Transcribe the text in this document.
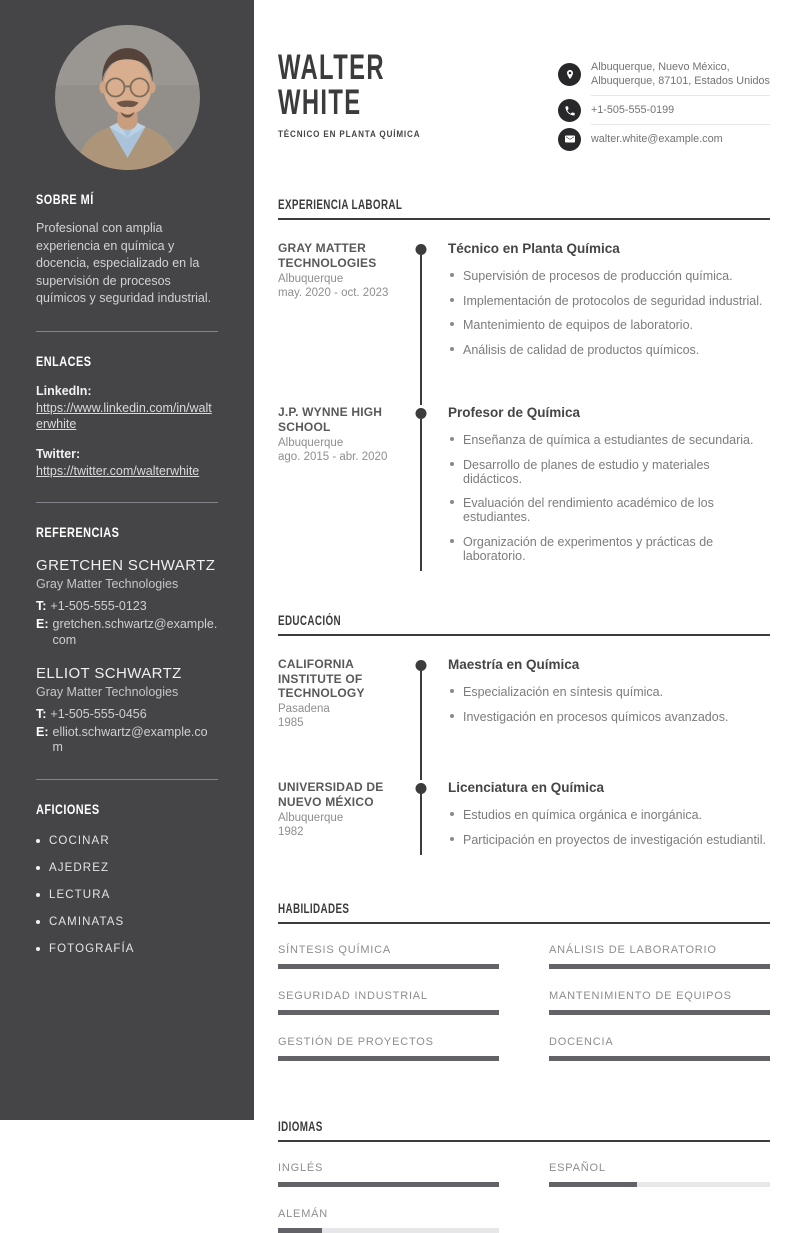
SOBRE MÍ

Profesional con amplia experiencia en química y docencia, especializado en la supervisión de procesos químicos y seguridad industrial.

ENLACES
LinkedIn:
https://www.linkedin.com/in/walterwhite
Twitter:
https://twitter.com/walterwhite
REFERENCIAS
GRETCHEN SCHWARTZ
Gray Matter Technologies
T: +1-505-555-0123
E: gretchen.schwartz@example.com
ELLIOT SCHWARTZ
Gray Matter Technologies
T: +1-505-555-0456
E: elliot.schwartz@example.com
AFICIONES
COCINAR
AJEDREZ
LECTURA
CAMINATAS
FOTOGRAFÍA
WALTER
WHITE
TÉCNICO EN PLANTA QUÍMICA
Albuquerque, Nuevo México,
Albuquerque, 87101, Estados Unidos
+1-505-555-0199
walter.white@example.com
EXPERIENCIA LABORAL
GRAY MATTER TECHNOLOGIES
Albuquerque
may. 2020 - oct. 2023
Técnico en Planta Química
Supervisión de procesos de producción química.
Implementación de protocolos de seguridad industrial.
Mantenimiento de equipos de laboratorio.
Análisis de calidad de productos químicos.
J.P. WYNNE HIGH SCHOOL
Albuquerque
ago. 2015 - abr. 2020
Profesor de Química
Enseñanza de química a estudiantes de secundaria.
Desarrollo de planes de estudio y materiales didácticos.
Evaluación del rendimiento académico de los estudiantes.
Organización de experimentos y prácticas de laboratorio.
EDUCACIÓN
CALIFORNIA INSTITUTE OF TECHNOLOGY
Pasadena
1985
Maestría en Química
Especialización en síntesis química.
Investigación en procesos químicos avanzados.
UNIVERSIDAD DE NUEVO MÉXICO
Albuquerque
1982
Licenciatura en Química
Estudios en química orgánica e inorgánica.
Participación en proyectos de investigación estudiantil.
HABILIDADES
SÍNTESIS QUÍMICA	ANÁLISIS DE LABORATORIO
SEGURIDAD INDUSTRIAL	MANTENIMIENTO DE EQUIPOS
GESTIÓN DE PROYECTOS	DOCENCIA
IDIOMAS
INGLÉS	ESPAÑOL
ALEMÁN
